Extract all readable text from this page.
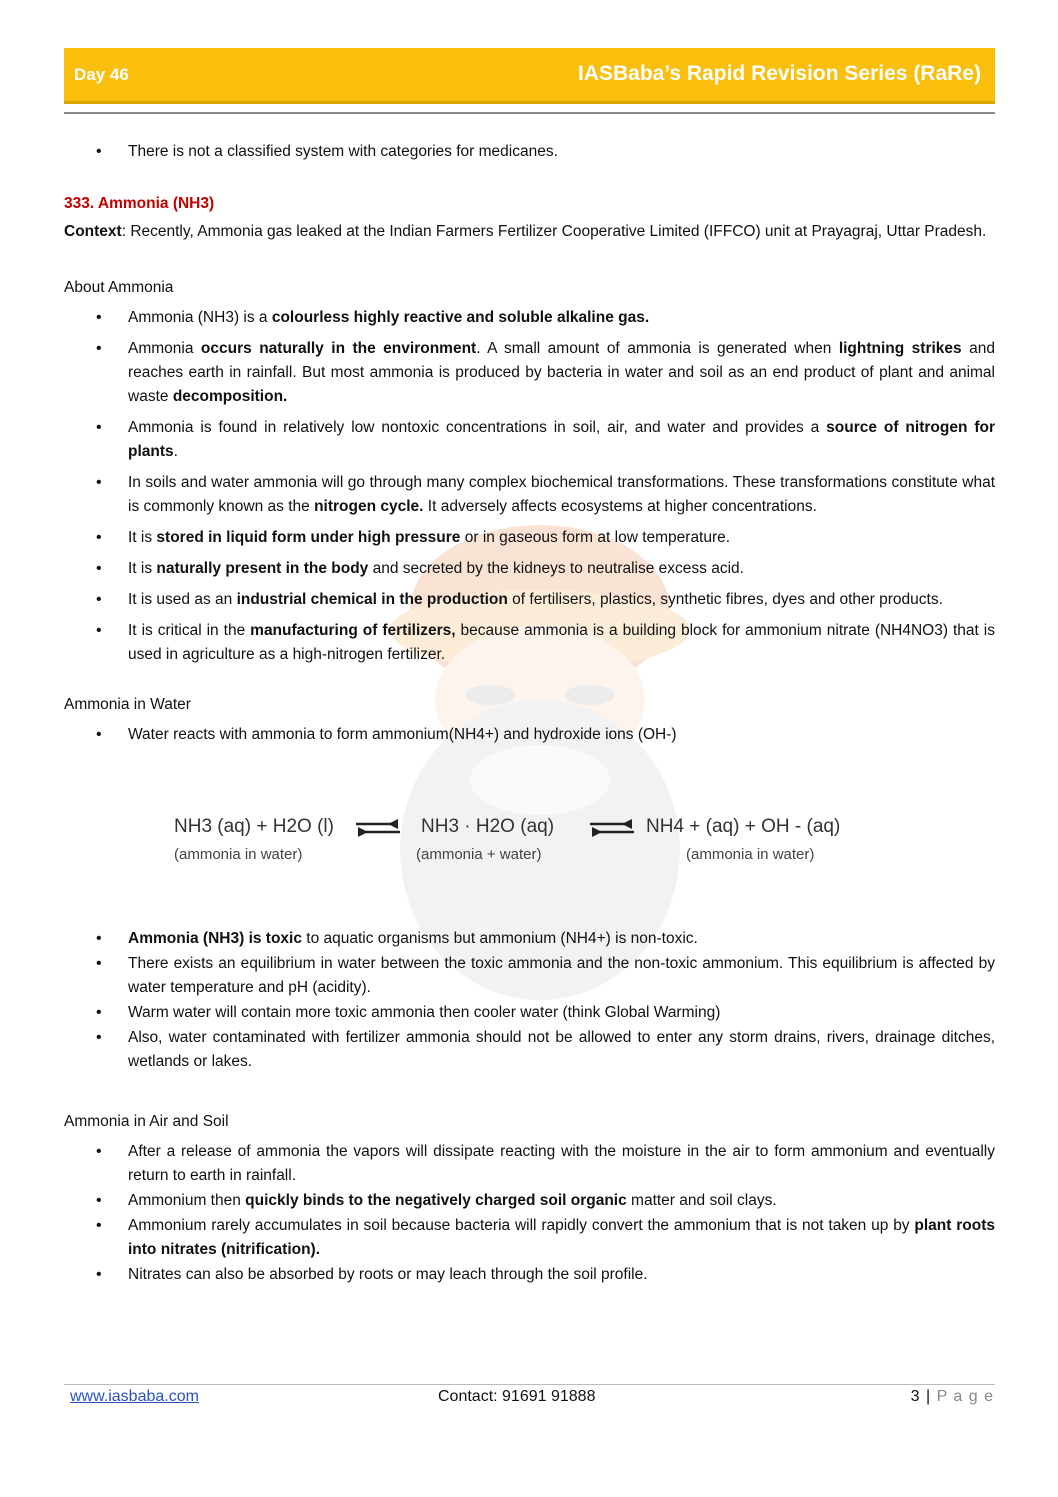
Day 46	IASBaba’s Rapid Revision Series (RaRe)
• There is not a classified system with categories for medicanes.
333. Ammonia (NH3)
Context: Recently, Ammonia gas leaked at the Indian Farmers Fertilizer Cooperative Limited (IFFCO) unit at Prayagraj, Uttar Pradesh.
About Ammonia
• Ammonia (NH3) is a colourless highly reactive and soluble alkaline gas.
• Ammonia occurs naturally in the environment. A small amount of ammonia is generated when lightning strikes and reaches earth in rainfall. But most ammonia is produced by bacteria in water and soil as an end product of plant and animal waste decomposition.
• Ammonia is found in relatively low nontoxic concentrations in soil, air, and water and provides a source of nitrogen for plants.
• In soils and water ammonia will go through many complex biochemical transformations. These transformations constitute what is commonly known as the nitrogen cycle. It adversely affects ecosystems at higher concentrations.
• It is stored in liquid form under high pressure or in gaseous form at low temperature.
• It is naturally present in the body and secreted by the kidneys to neutralise excess acid.
• It is used as an industrial chemical in the production of fertilisers, plastics, synthetic fibres, dyes and other products.
• It is critical in the manufacturing of fertilizers, because ammonia is a building block for ammonium nitrate (NH4NO3) that is used in agriculture as a high-nitrogen fertilizer.
Ammonia in Water
• Water reacts with ammonia to form ammonium(NH4+) and hydroxide ions (OH-)
NH3 (aq) + H2O (l)
(ammonia in water)
⇌ NH3 · H2O (aq)
(ammonia + water)
⇌ NH4 + (aq) + OH - (aq)
(ammonia in water)
• Ammonia (NH3) is toxic to aquatic organisms but ammonium (NH4+) is non-toxic.
• There exists an equilibrium in water between the toxic ammonia and the non-toxic ammonium. This equilibrium is affected by water temperature and pH (acidity).
• Warm water will contain more toxic ammonia then cooler water (think Global Warming)
• Also, water contaminated with fertilizer ammonia should not be allowed to enter any storm drains, rivers, drainage ditches, wetlands or lakes.
Ammonia in Air and Soil
• After a release of ammonia the vapors will dissipate reacting with the moisture in the air to form ammonium and eventually return to earth in rainfall.
• Ammonium then quickly binds to the negatively charged soil organic matter and soil clays.
• Ammonium rarely accumulates in soil because bacteria will rapidly convert the ammonium that is not taken up by plant roots into nitrates (nitrification).
• Nitrates can also be absorbed by roots or may leach through the soil profile.
www.iasbaba.com	Contact: 91691 91888	3 | P a g e
